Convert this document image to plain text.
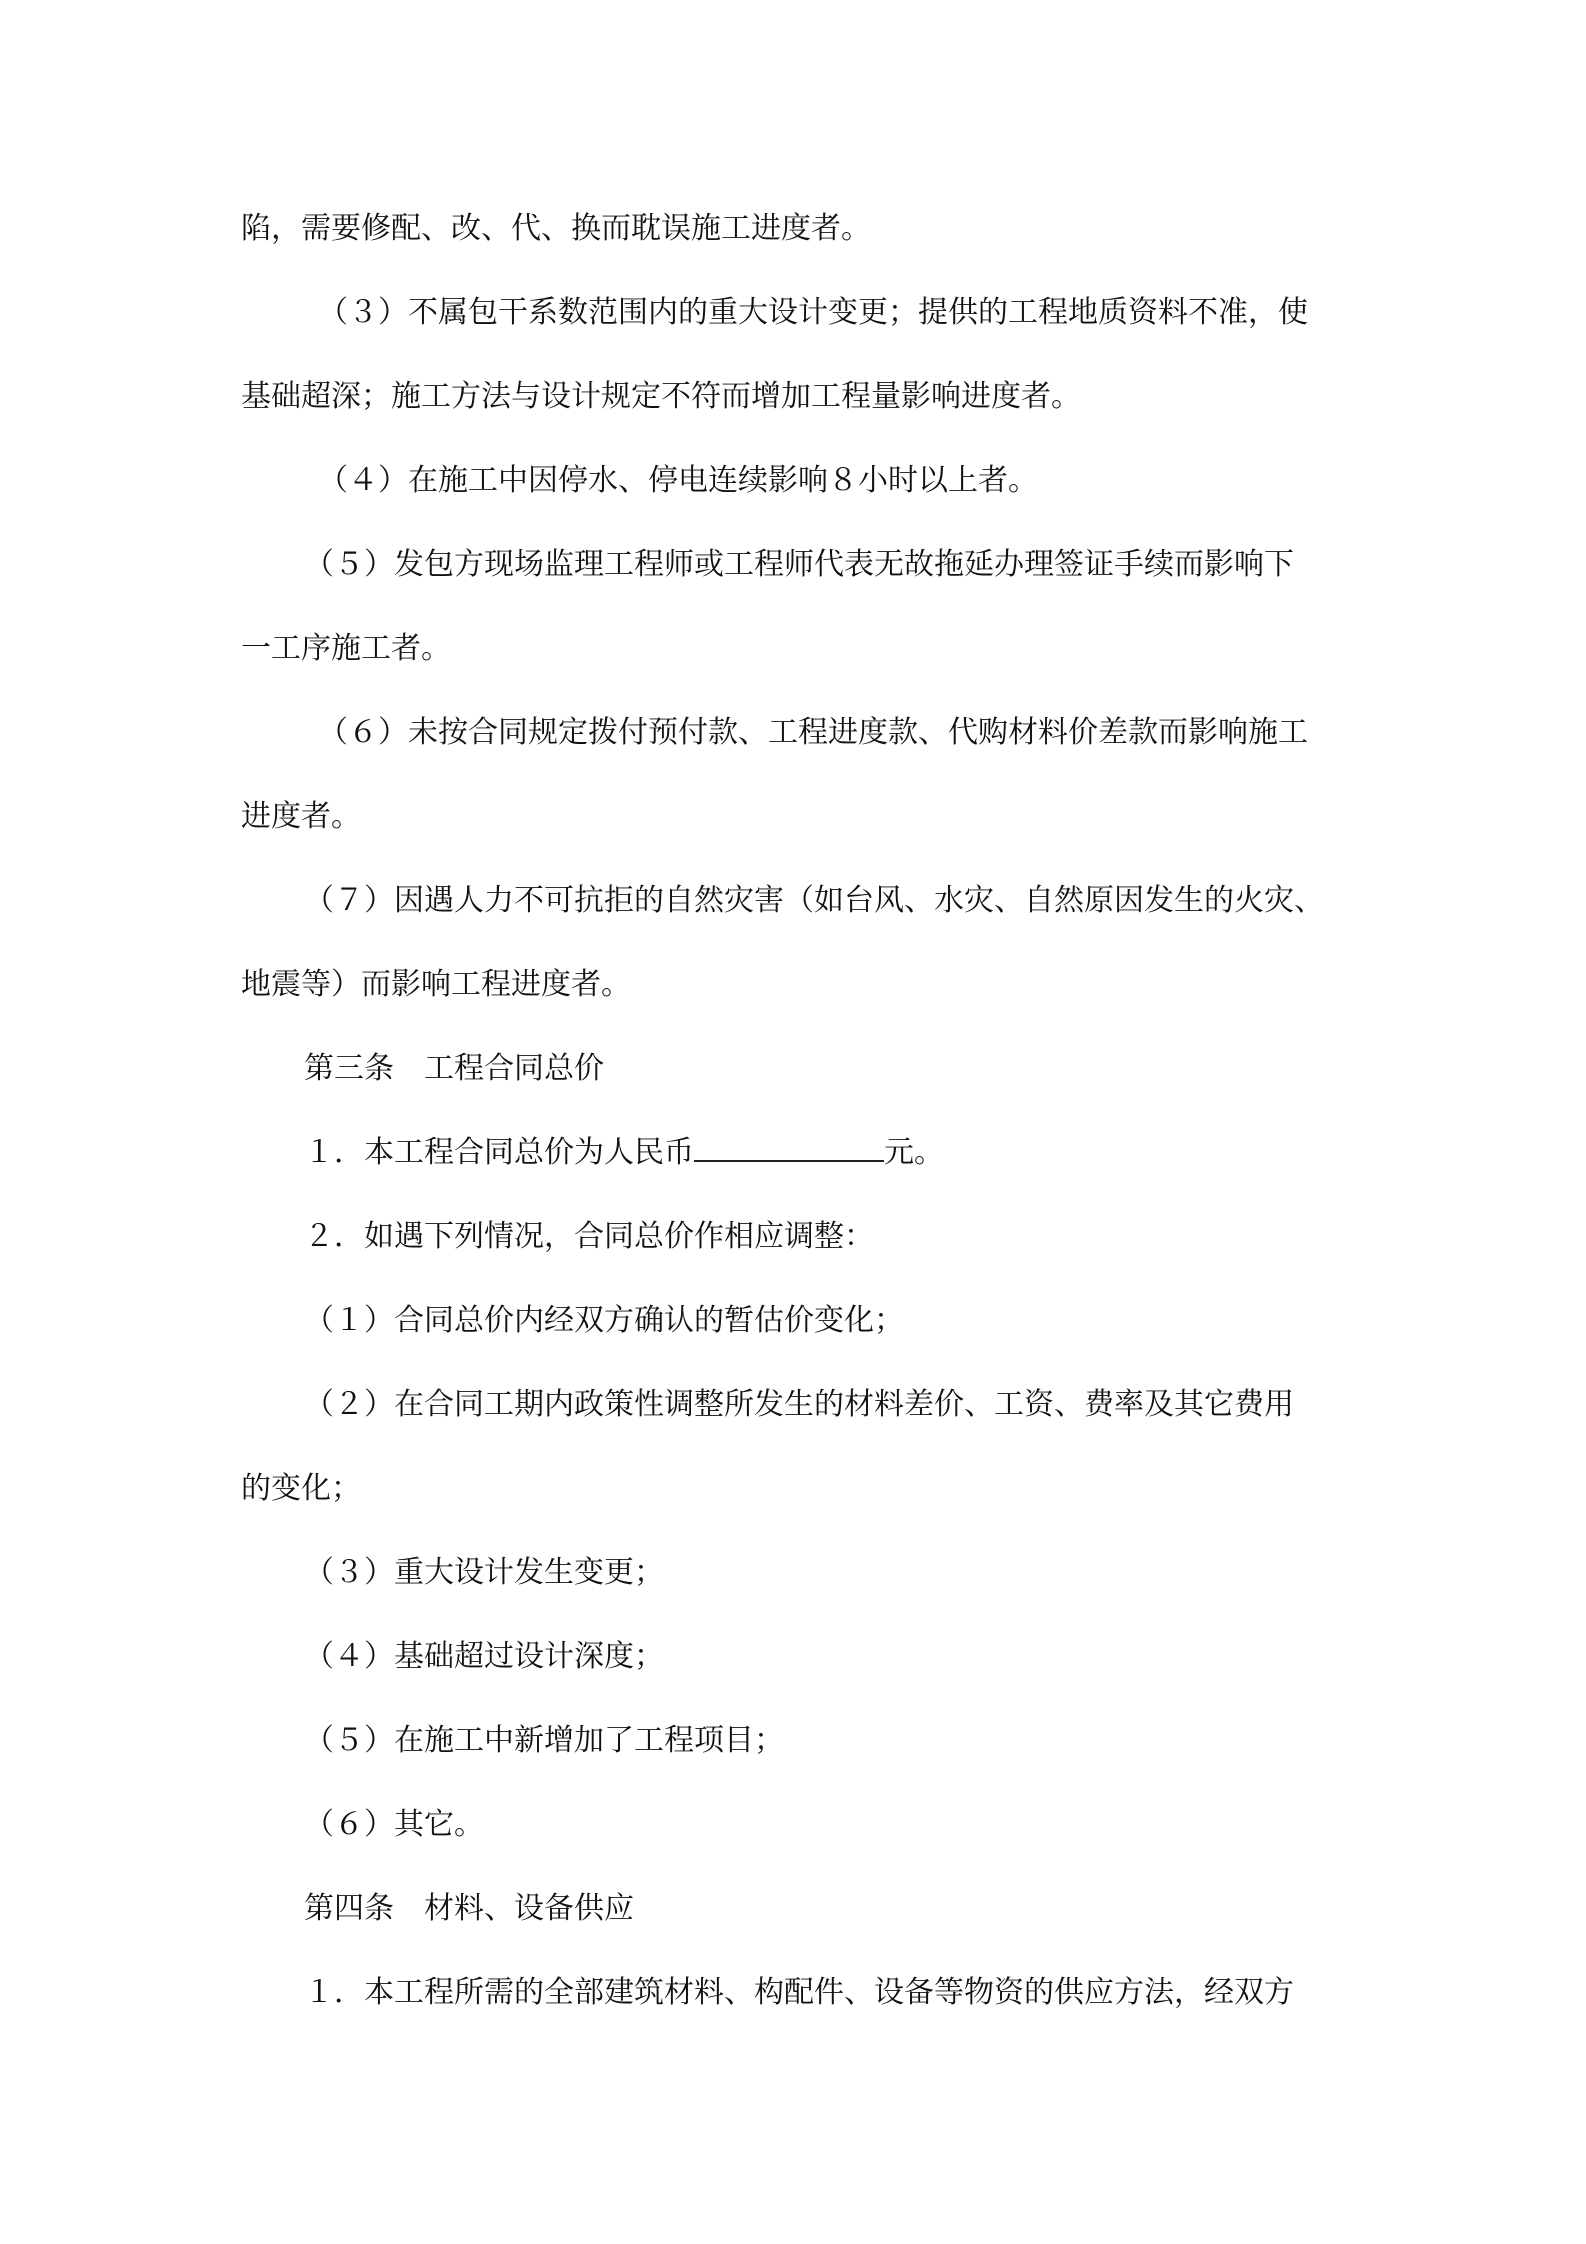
陷，需要修配、改、代、换而耽误施工进度者。
（３）不属包干系数范围内的重大设计变更；提供的工程地质资料不准，使
基础超深；施工方法与设计规定不符而增加工程量影响进度者。
（４）在施工中因停水、停电连续影响８小时以上者。
（５）发包方现场监理工程师或工程师代表无故拖延办理签证手续而影响下
一工序施工者。
（６）未按合同规定拨付预付款、工程进度款、代购材料价差款而影响施工
进度者。
（７）因遇人力不可抗拒的自然灾害（如台风、水灾、自然原因发生的火灾、
地震等）而影响工程进度者。
第三条　工程合同总价
１．本工程合同总价为人民币	元。
２．如遇下列情况，合同总价作相应调整：
（１）合同总价内经双方确认的暂估价变化；
（２）在合同工期内政策性调整所发生的材料差价、工资、费率及其它费用
的变化；
（３）重大设计发生变更；
（４）基础超过设计深度；
（５）在施工中新增加了工程项目；
（６）其它。
第四条　材料、设备供应
１．本工程所需的全部建筑材料、构配件、设备等物资的供应方法，经双方
